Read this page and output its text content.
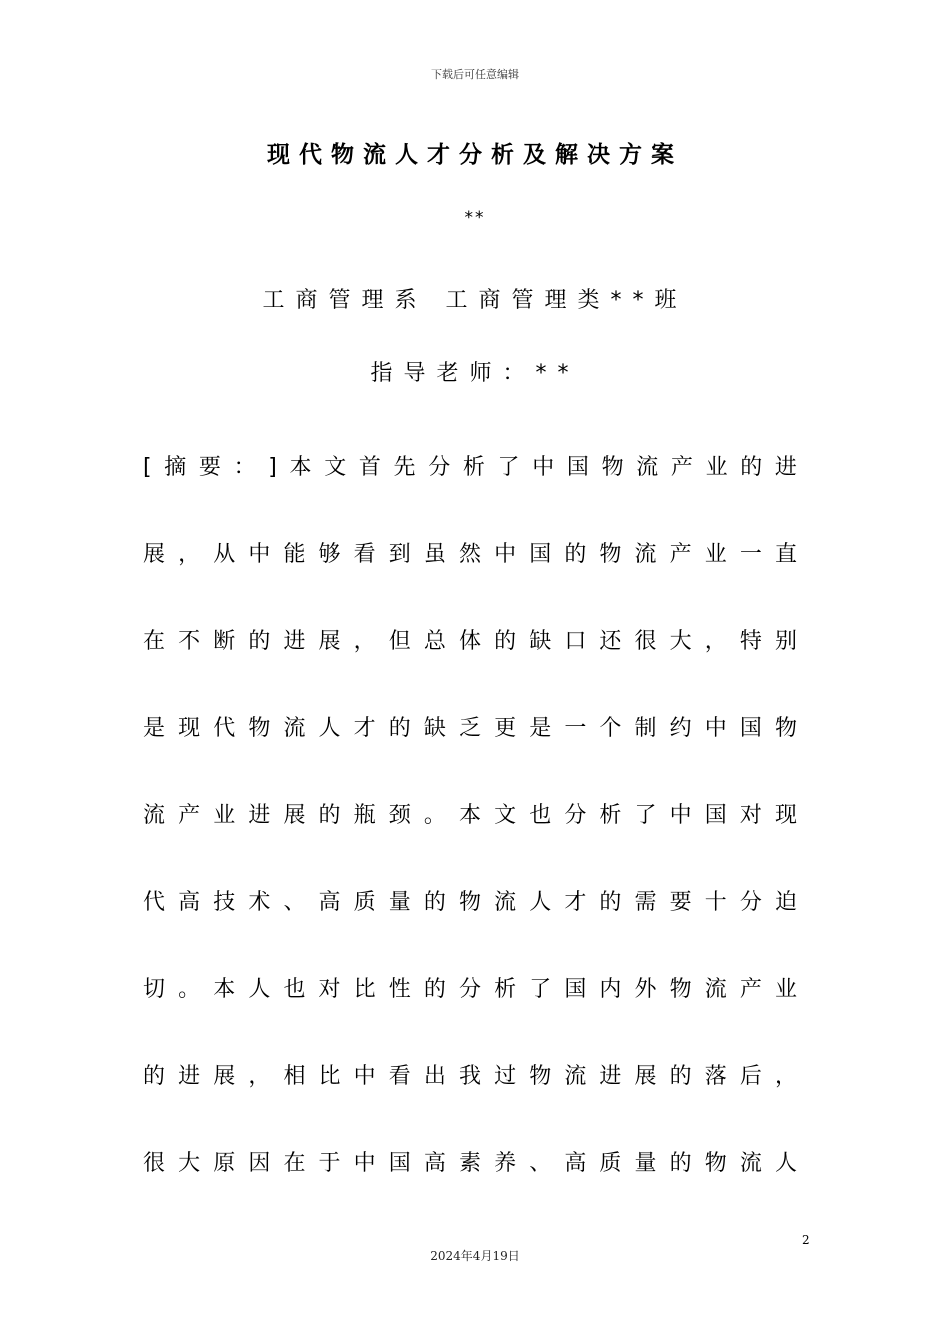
下载后可任意编辑
现代物流人才分析及解决方案
**
工商管理系 工商管理类**班
指导老师：**
[ 摘 要 ： ] 本 文 首 先 分 析 了 中 国 物 流 产 业 的 进
展 ， 从 中 能 够 看 到 虽 然 中 国 的 物 流 产 业 一 直
在 不 断 的 进 展 ， 但 总 体 的 缺 口 还 很 大 ， 特 别
是 现 代 物 流 人 才 的 缺 乏 更 是 一 个 制 约 中 国 物
流 产 业 进 展 的 瓶 颈 。 本 文 也 分 析 了 中 国 对 现
代 高 技 术 、 高 质 量 的 物 流 人 才 的 需 要 十 分 迫
切 。 本 人 也 对 比 性 的 分 析 了 国 内 外 物 流 产 业
的 进 展 ， 相 比 中 看 出 我 过 物 流 进 展 的 落 后 ，
很 大 原 因 在 于 中 国 高 素 养 、 高 质 量 的 物 流 人
2
2024年4月19日
